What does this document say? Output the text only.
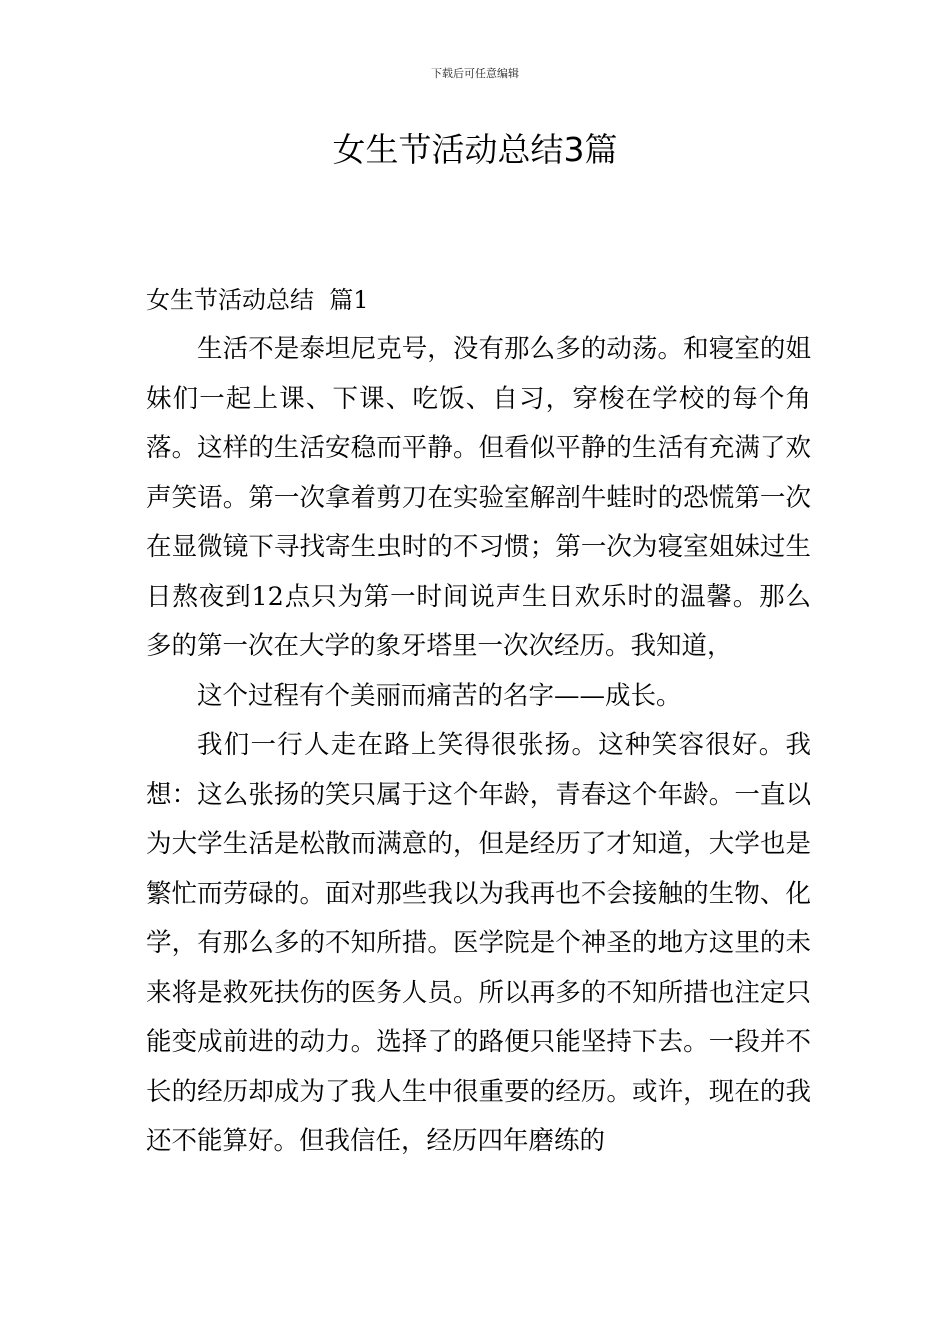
下载后可任意编辑
女生节活动总结3篇
女生节活动总结  篇1

生活不是泰坦尼克号，没有那么多的动荡。和寝室的姐妹们一起上课、下课、吃饭、自习，穿梭在学校的每个角落。这样的生活安稳而平静。但看似平静的生活有充满了欢声笑语。第一次拿着剪刀在实验室解剖牛蛙时的恐慌第一次在显微镜下寻找寄生虫时的不习惯；第一次为寝室姐妹过生日熬夜到12点只为第一时间说声生日欢乐时的温馨。那么多的第一次在大学的象牙塔里一次次经历。我知道，

这个过程有个美丽而痛苦的名字——成长。

我们一行人走在路上笑得很张扬。这种笑容很好。我想：这么张扬的笑只属于这个年龄，青春这个年龄。一直以为大学生活是松散而满意的，但是经历了才知道，大学也是繁忙而劳碌的。面对那些我以为我再也不会接触的生物、化学，有那么多的不知所措。医学院是个神圣的地方这里的未来将是救死扶伤的医务人员。所以再多的不知所措也注定只能变成前进的动力。选择了的路便只能坚持下去。一段并不长的经历却成为了我人生中很重要的经历。或许，现在的我还不能算好。但我信任，经历四年磨练的
